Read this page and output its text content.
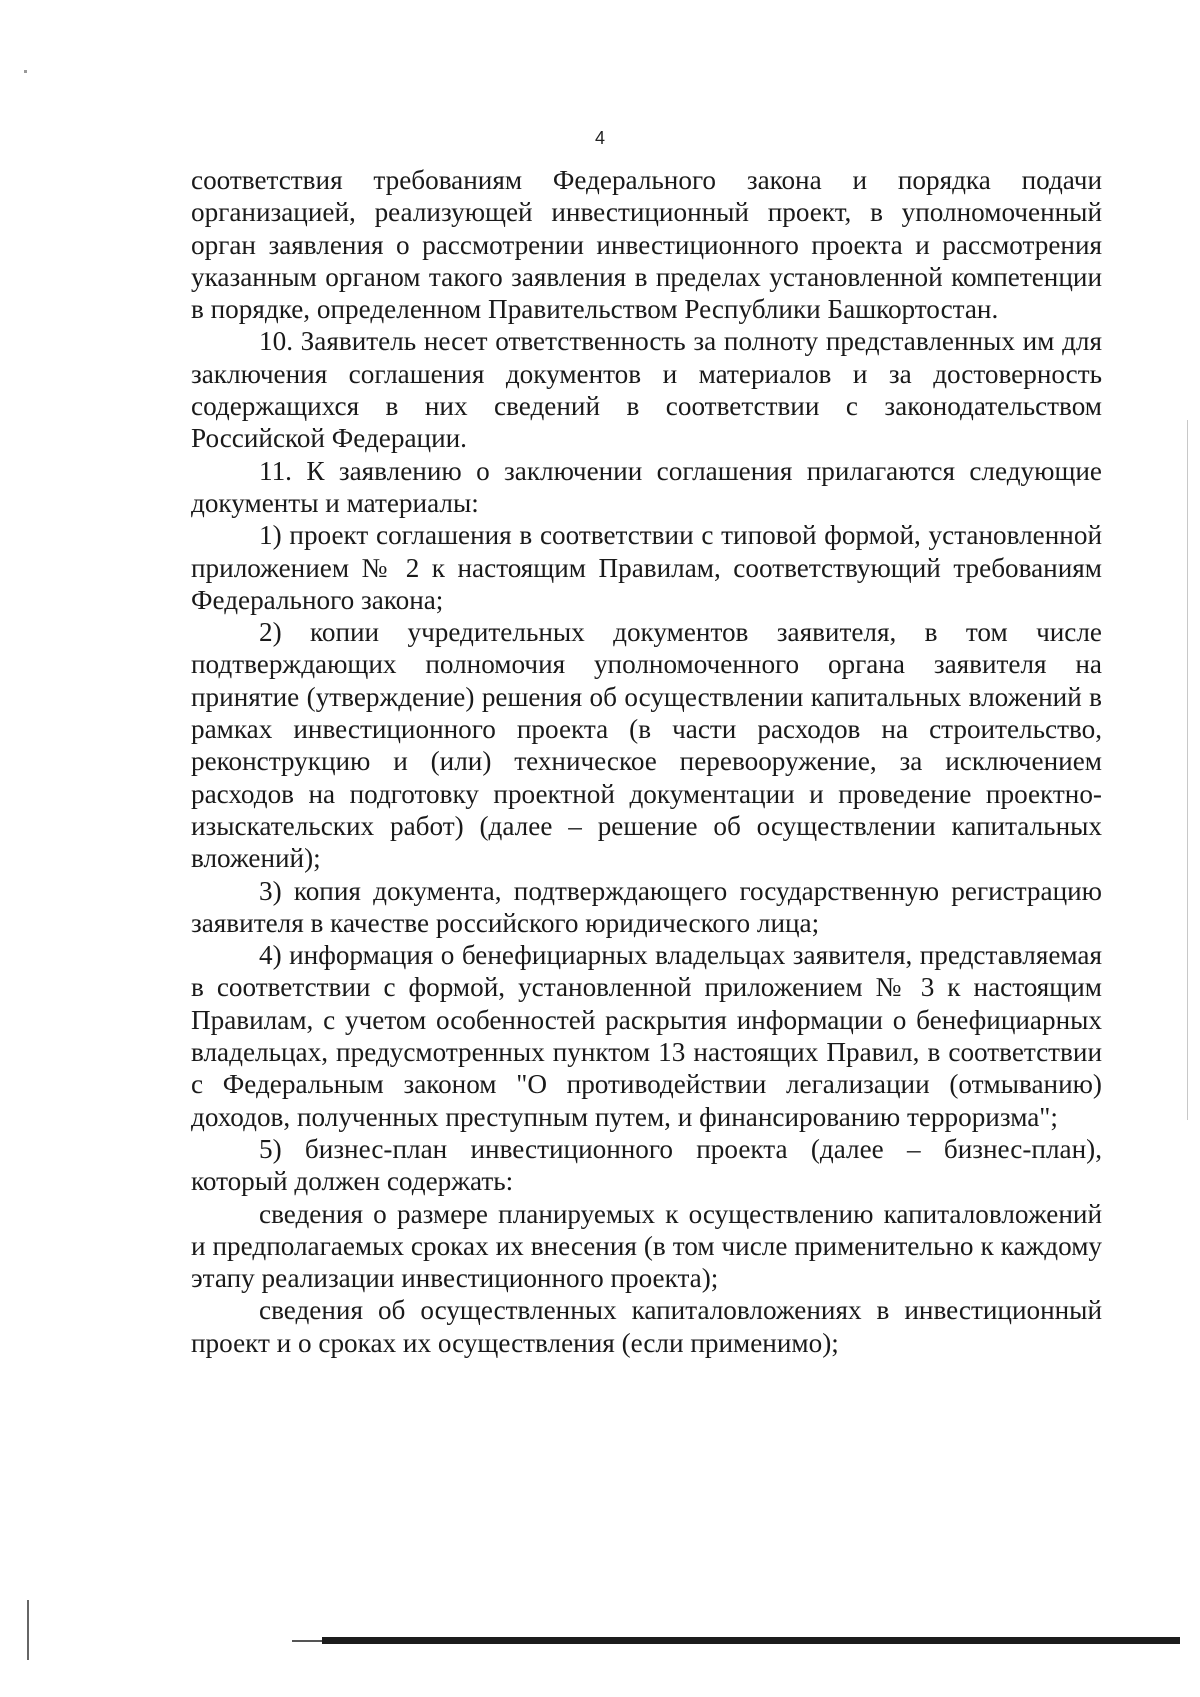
4

соответствия требованиям Федерального закона и порядка подачи организацией, реализующей инвестиционный проект, в уполномоченный орган заявления о рассмотрении инвестиционного проекта и рассмотрения указанным органом такого заявления в пределах установленной компетенции в порядке, определенном Правительством Республики Башкортостан.

10. Заявитель несет ответственность за полноту представленных им для заключения соглашения документов и материалов и за достоверность содержащихся в них сведений в соответствии с законодательством Российской Федерации.

11. К заявлению о заключении соглашения прилагаются следующие документы и материалы:

1) проект соглашения в соответствии с типовой формой, установленной приложением № 2 к настоящим Правилам, соответствующий требованиям Федерального закона;

2) копии учредительных документов заявителя, в том числе подтверждающих полномочия уполномоченного органа заявителя на принятие (утверждение) решения об осуществлении капитальных вложений в рамках инвестиционного проекта (в части расходов на строительство, реконструкцию и (или) техническое перевооружение, за исключением расходов на подготовку проектной документации и проведение проектно-изыскательских работ) (далее – решение об осуществлении капитальных вложений);

3) копия документа, подтверждающего государственную регистрацию заявителя в качестве российского юридического лица;

4) информация о бенефициарных владельцах заявителя, представляемая в соответствии с формой, установленной приложением № 3 к настоящим Правилам, с учетом особенностей раскрытия информации о бенефициарных владельцах, предусмотренных пунктом 13 настоящих Правил, в соответствии с Федеральным законом "О противодействии легализации (отмыванию) доходов, полученных преступным путем, и финансированию терроризма";

5) бизнес-план инвестиционного проекта (далее – бизнес-план), который должен содержать:

сведения о размере планируемых к осуществлению капиталовложений и предполагаемых сроках их внесения (в том числе применительно к каждому этапу реализации инвестиционного проекта);

сведения об осуществленных капиталовложениях в инвестиционный проект и о сроках их осуществления (если применимо);
